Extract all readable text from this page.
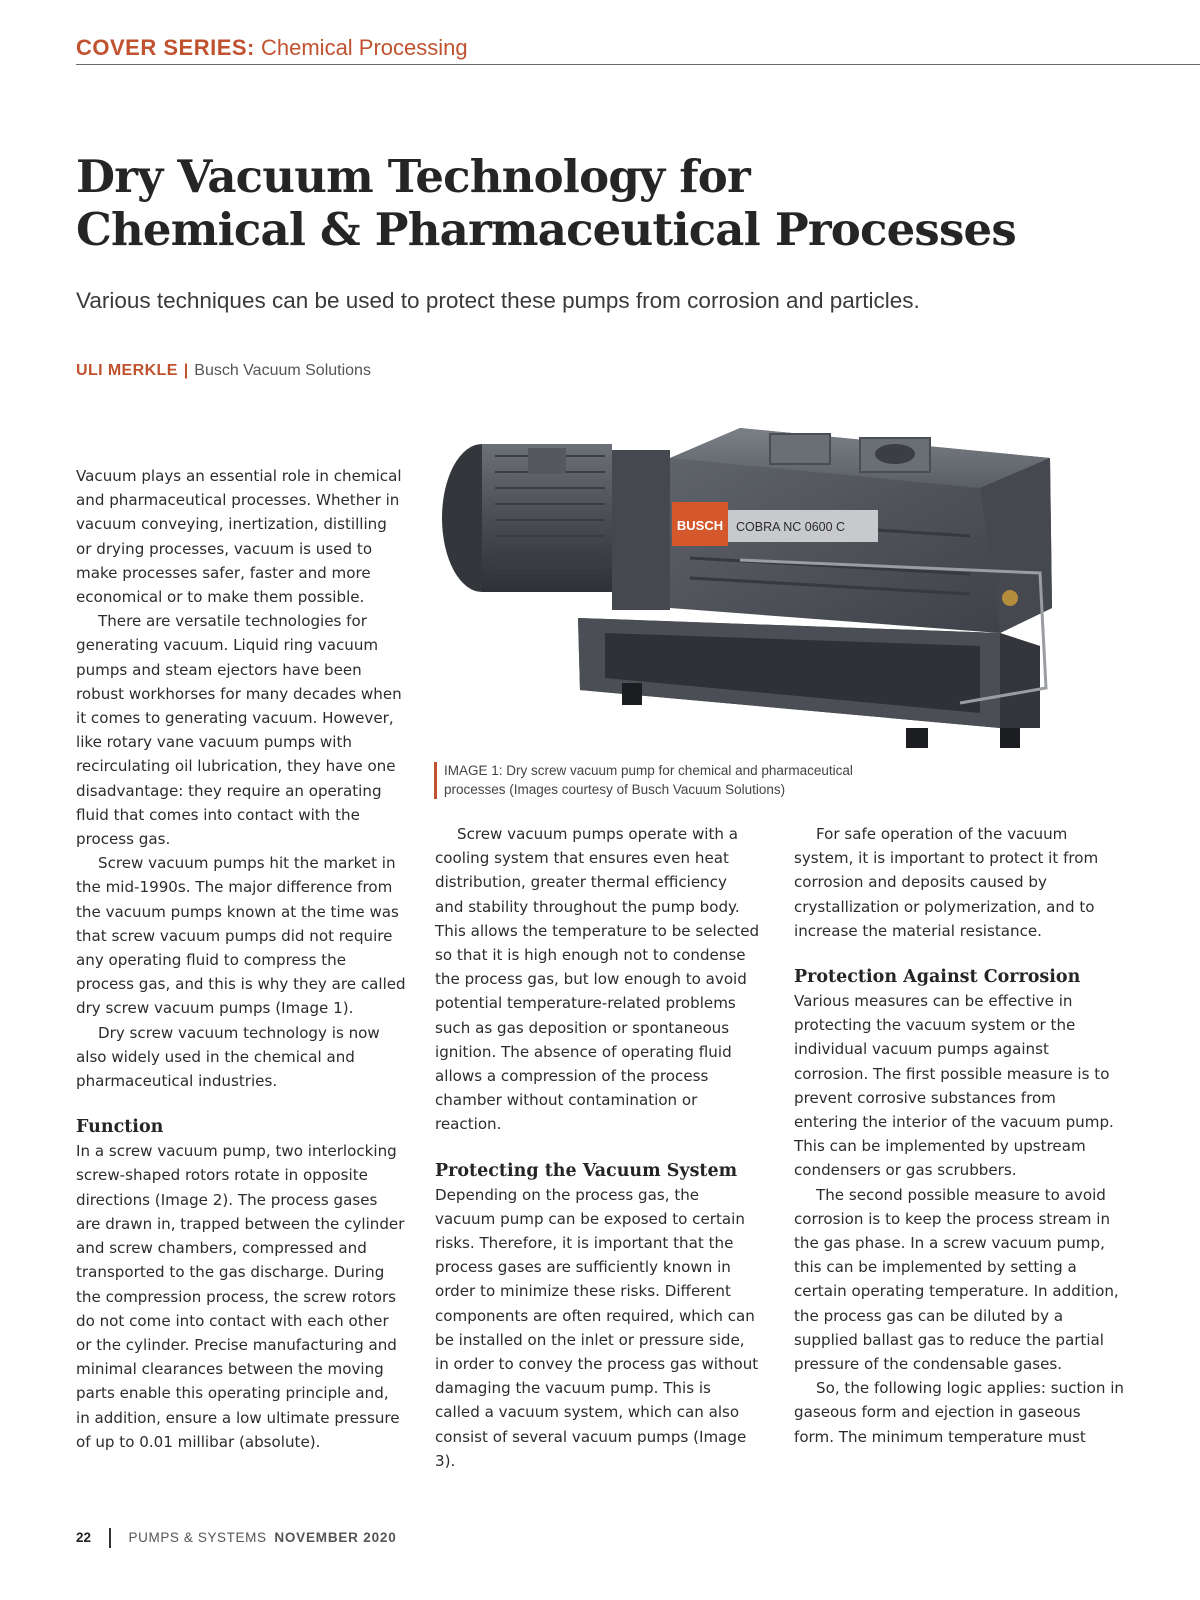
COVER SERIES: Chemical Processing
Dry Vacuum Technology for
Chemical & Pharmaceutical Processes

Various techniques can be used to protect these pumps from corrosion and particles.

ULI MERKLE | Busch Vacuum Solutions
BUSCH COBRA NC 0600 C
IMAGE 1: Dry screw vacuum pump for chemical and pharmaceutical
processes (Images courtesy of Busch Vacuum Solutions)

Vacuum plays an essential role in chemical and pharmaceutical processes. Whether in vacuum conveying, inertization, distilling or drying processes, vacuum is used to make processes safer, faster and more economical or to make them possible.

There are versatile technologies for generating vacuum. Liquid ring vacuum pumps and steam ejectors have been robust workhorses for many decades when it comes to generating vacuum. However, like rotary vane vacuum pumps with recirculating oil lubrication, they have one disadvantage: they require an operating fluid that comes into contact with the process gas.

Screw vacuum pumps hit the market in the mid-1990s. The major difference from the vacuum pumps known at the time was that screw vacuum pumps did not require any operating fluid to compress the process gas, and this is why they are called dry screw vacuum pumps (Image 1).

Dry screw vacuum technology is now also widely used in the chemical and pharmaceutical industries.

Function

In a screw vacuum pump, two interlocking screw-shaped rotors rotate in opposite directions (Image 2). The process gases are drawn in, trapped between the cylinder and screw chambers, compressed and transported to the gas discharge. During the compression process, the screw rotors do not come into contact with each other or the cylinder. Precise manufacturing and minimal clearances between the moving parts enable this operating principle and, in addition, ensure a low ultimate pressure of up to 0.01 millibar (absolute).

Screw vacuum pumps operate with a cooling system that ensures even heat distribution, greater thermal efficiency and stability throughout the pump body. This allows the temperature to be selected so that it is high enough not to condense the process gas, but low enough to avoid potential temperature-related problems such as gas deposition or spontaneous ignition. The absence of operating fluid allows a compression of the process chamber without contamination or reaction.

Protecting the Vacuum System

Depending on the process gas, the vacuum pump can be exposed to certain risks. Therefore, it is important that the process gases are sufficiently known in order to minimize these risks. Different components are often required, which can be installed on the inlet or pressure side, in order to convey the process gas without damaging the vacuum pump. This is called a vacuum system, which can also consist of several vacuum pumps (Image 3).

For safe operation of the vacuum system, it is important to protect it from corrosion and deposits caused by crystallization or polymerization, and to increase the material resistance.

Protection Against Corrosion

Various measures can be effective in protecting the vacuum system or the individual vacuum pumps against corrosion. The first possible measure is to prevent corrosive substances from entering the interior of the vacuum pump. This can be implemented by upstream condensers or gas scrubbers.

The second possible measure to avoid corrosion is to keep the process stream in the gas phase. In a screw vacuum pump, this can be implemented by setting a certain operating temperature. In addition, the process gas can be diluted by a supplied ballast gas to reduce the partial pressure of the condensable gases.

So, the following logic applies: suction in gaseous form and ejection in gaseous form. The minimum temperature must

22	PUMPS & SYSTEMS NOVEMBER 2020
